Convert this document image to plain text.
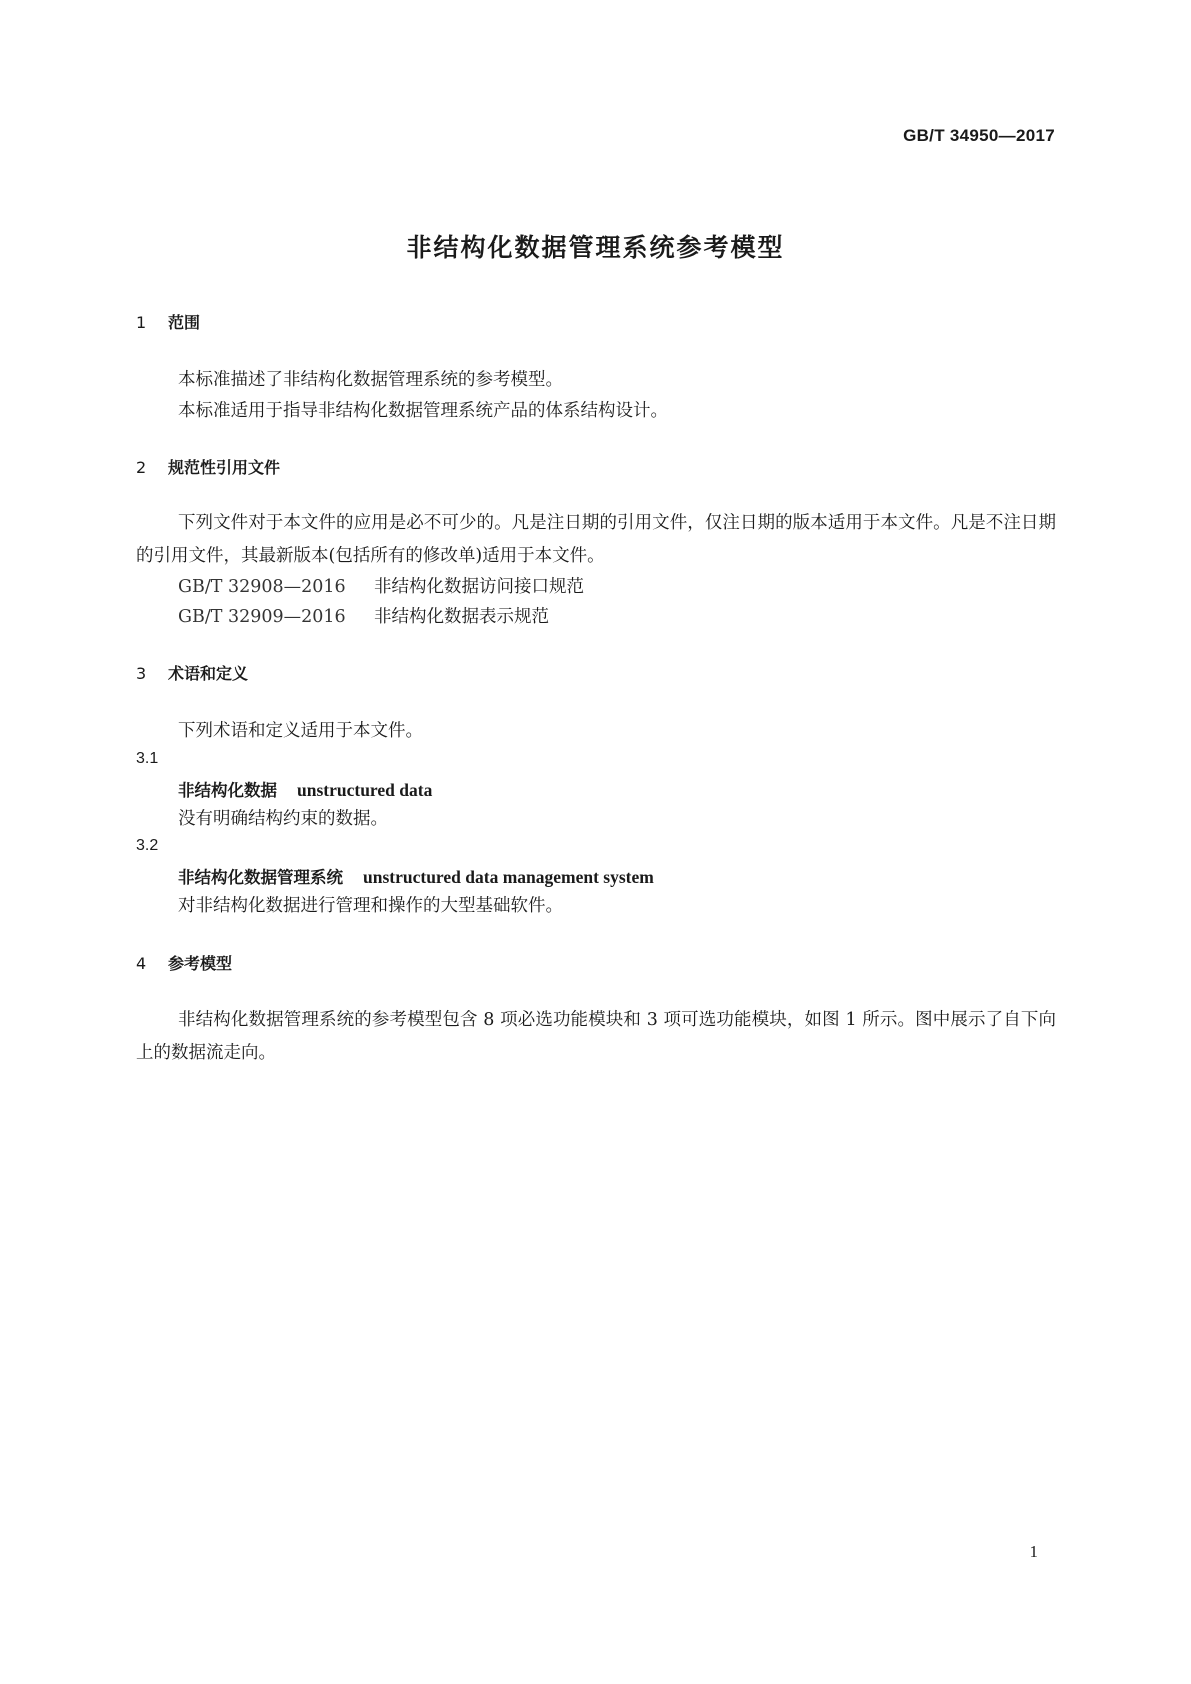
GB/T 34950—2017
非结构化数据管理系统参考模型
1 范围
本标准描述了非结构化数据管理系统的参考模型。
本标准适用于指导非结构化数据管理系统产品的体系结构设计。
2 规范性引用文件
下列文件对于本文件的应用是必不可少的。凡是注日期的引用文件，仅注日期的版本适用于本文件。凡是不注日期的引用文件，其最新版本(包括所有的修改单)适用于本文件。
GB/T 32908—2016 非结构化数据访问接口规范
GB/T 32909—2016 非结构化数据表示规范
3 术语和定义
下列术语和定义适用于本文件。
3.1
非结构化数据 unstructured data
没有明确结构约束的数据。
3.2
非结构化数据管理系统 unstructured data management system
对非结构化数据进行管理和操作的大型基础软件。
4 参考模型
非结构化数据管理系统的参考模型包含 8 项必选功能模块和 3 项可选功能模块，如图 1 所示。图中展示了自下向上的数据流走向。
1
